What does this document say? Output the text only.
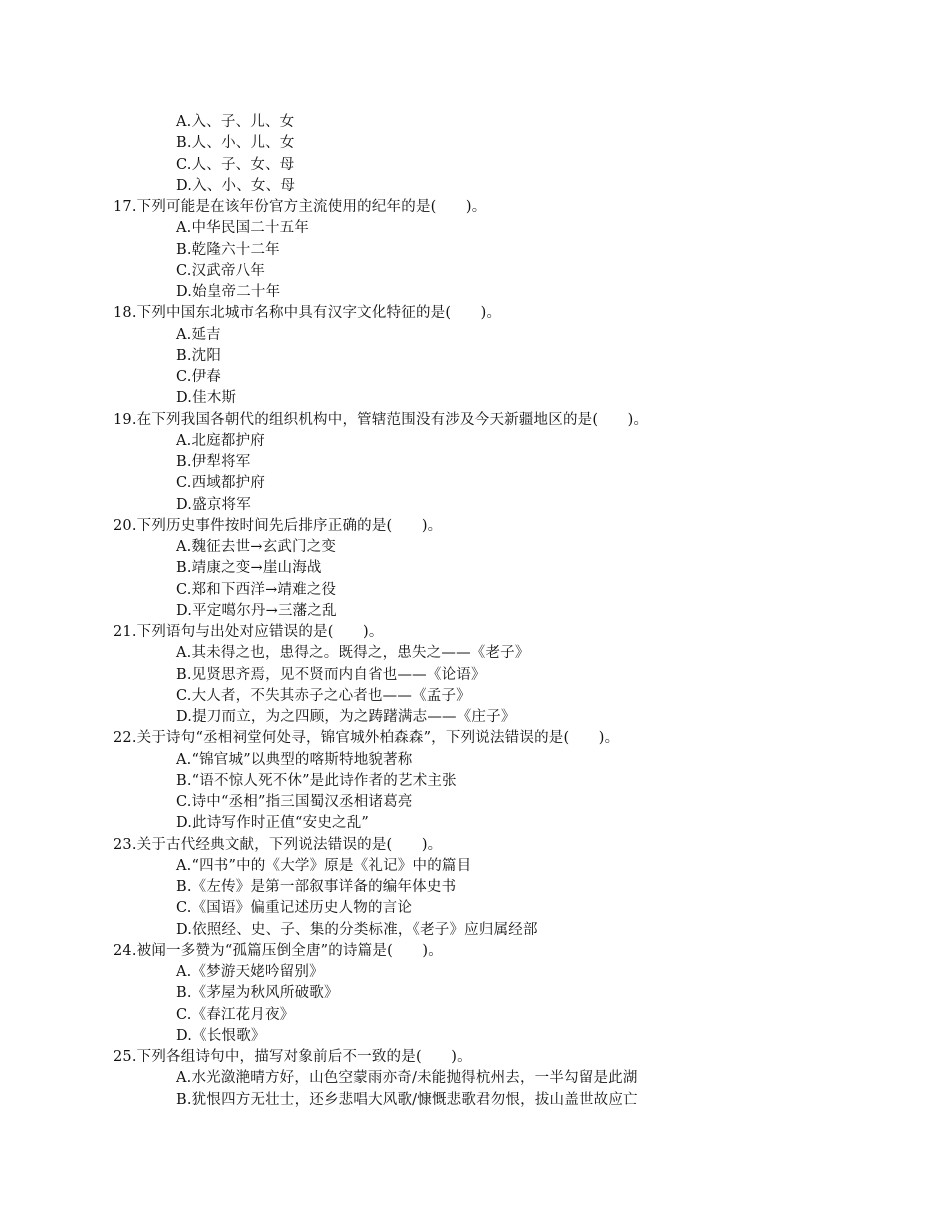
A.入、子、儿、女
B.人、小、儿、女
C.人、子、女、母
D.入、小、女、母
17.下列可能是在该年份官方主流使用的纪年的是(　　)。
A.中华民国二十五年
B.乾隆六十二年
C.汉武帝八年
D.始皇帝二十年
18.下列中国东北城市名称中具有汉字文化特征的是(　　)。
A.延吉
B.沈阳
C.伊春
D.佳木斯
19.在下列我国各朝代的组织机构中，管辖范围没有涉及今天新疆地区的是(　　)。
A.北庭都护府
B.伊犁将军
C.西域都护府
D.盛京将军
20.下列历史事件按时间先后排序正确的是(　　)。
A.魏征去世→玄武门之变
B.靖康之变→崖山海战
C.郑和下西洋→靖难之役
D.平定噶尔丹→三藩之乱
21.下列语句与出处对应错误的是(　　)。
A.其未得之也，患得之。既得之，患失之——《老子》
B.见贤思齐焉，见不贤而内自省也——《论语》
C.大人者，不失其赤子之心者也——《孟子》
D.提刀而立，为之四顾，为之踌躇满志——《庄子》
22.关于诗句“丞相祠堂何处寻，锦官城外柏森森”，下列说法错误的是(　　)。
A.“锦官城”以典型的喀斯特地貌著称
B.“语不惊人死不休”是此诗作者的艺术主张
C.诗中“丞相”指三国蜀汉丞相诸葛亮
D.此诗写作时正值“安史之乱”
23.关于古代经典文献，下列说法错误的是(　　)。
A.“四书”中的《大学》原是《礼记》中的篇目
B.《左传》是第一部叙事详备的编年体史书
C.《国语》偏重记述历史人物的言论
D.依照经、史、子、集的分类标准，《老子》应归属经部
24.被闻一多赞为“孤篇压倒全唐”的诗篇是(　　)。
A.《梦游天姥吟留别》
B.《茅屋为秋风所破歌》
C.《春江花月夜》
D.《长恨歌》
25.下列各组诗句中，描写对象前后不一致的是(　　)。
A.水光潋滟晴方好，山色空蒙雨亦奇/未能抛得杭州去，一半勾留是此湖
B.犹恨四方无壮士，还乡悲唱大风歌/慷慨悲歌君勿恨，拔山盖世故应亡
